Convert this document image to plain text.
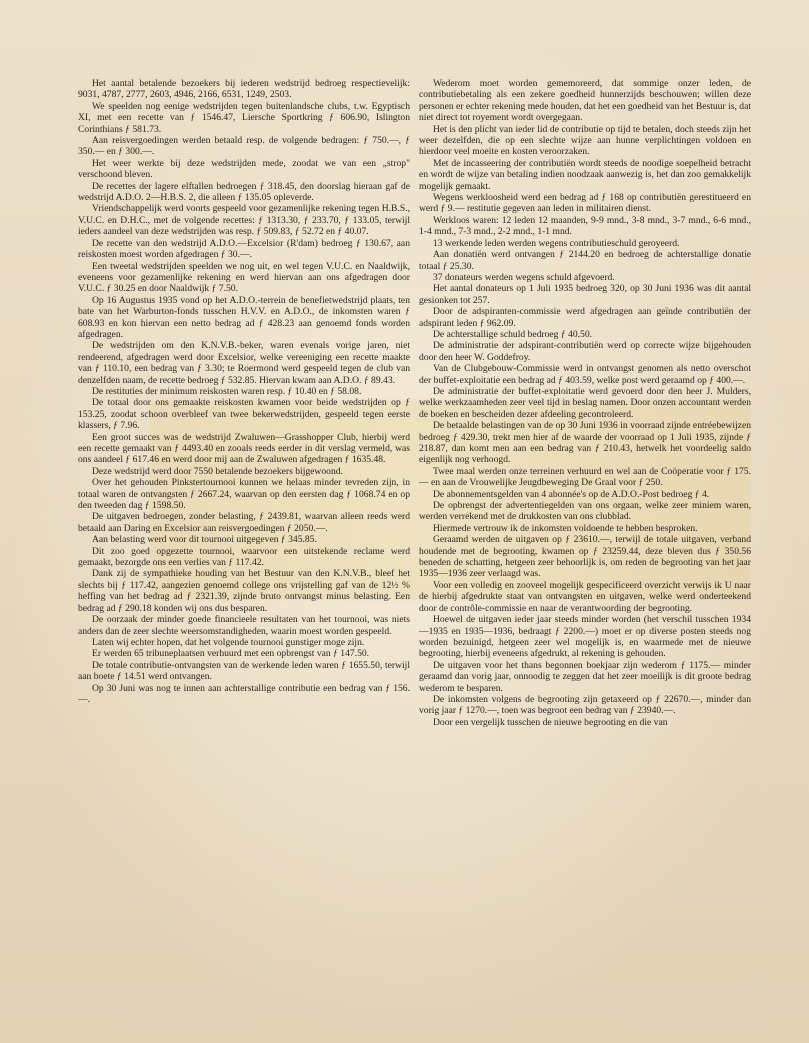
Het aantal betalende bezoekers bij iederen wedstrijd bedroeg respectievelijk: 9031, 4787, 2777, 2603, 4946, 2166, 6531, 1249, 2503.

We speelden nog eenige wedstrijden tegen buitenlandsche clubs, t.w. Egyptisch XI, met een recette van ƒ 1546.47, Liersche Sportkring ƒ 606.90, Islington Corinthians ƒ 581.73.

Aan reisvergoedingen werden betaald resp. de volgende bedragen: ƒ 750.—, ƒ 350.— en ƒ 300.—.

Het weer werkte bij deze wedstrijden mede, zoodat we van een „strop" verschoond bleven.

De recettes der lagere elftallen bedroegen ƒ 318.45, den doorslag hieraan gaf de wedstrijd A.D.O. 2—H.B.S. 2, die alleen ƒ 135.05 opleverde.

Vriendschappelijk werd voorts gespeeld voor gezamenlijke rekening tegen H.B.S., V.U.C. en D.H.C., met de volgende recettes: ƒ 1313.30, ƒ 233.70, ƒ 133.05, terwijl ieders aandeel van deze wedstrijden was resp. ƒ 509.83, ƒ 52.72 en ƒ 40.07.

De recette van den wedstrijd A.D.O.—Excelsior (R'dam) bedroeg ƒ 130.67, aan reiskosten moest worden afgedragen ƒ 30.—.

Een tweetal wedstrijden speelden we nog uit, en wel tegen V.U.C. en Naaldwijk, eveneens voor gezamenlijke rekening en werd hiervan aan ons afgedragen door V.U.C. ƒ 30.25 en door Naaldwijk ƒ 7.50.

Op 16 Augustus 1935 vond op het A.D.O.-terrein de benefietwedstrijd plaats, ten bate van het Warburton-fonds tusschen H.V.V. en A.D.O., de inkomsten waren ƒ 608.93 en kon hiervan een netto bedrag ad ƒ 428.23 aan genoemd fonds worden afgedragen.

De wedstrijden om den K.N.V.B.-beker, waren evenals vorige jaren, niet rendeerend, afgedragen werd door Excelsior, welke vereeniging een recette maakte van ƒ 110.10, een bedrag van ƒ 3.30; te Roermond werd gespeeld tegen de club van denzelfden naam, de recette bedroeg ƒ 532.85. Hiervan kwam aan A.D.O. ƒ 89.43.

De restituties der minimum reiskosten waren resp. ƒ 10.40 en ƒ 58.08.

De totaal door ons gemaakte reiskosten kwamen voor beide wedstrijden op ƒ 153.25, zoodat schoon overbleef van twee bekerwedstrijden, gespeeld tegen eerste klassers, ƒ 7.96.

Een groot succes was de wedstrijd Zwaluwen—Grasshopper Club, hierbij werd een recette gemaakt van ƒ 4493.40 en zooals reeds eerder in dit verslag vermeld, was ons aandeel ƒ 617.46 en werd door mij aan de Zwaluwen afgedragen ƒ 1635.48.

Deze wedstrijd werd door 7550 betalende bezoekers bijgewoond.

Over het gehouden Pinkstertournooi kunnen we helaas minder tevreden zijn, in totaal waren de ontvangsten ƒ 2667.24, waarvan op den eersten dag ƒ 1068.74 en op den tweeden dag ƒ 1598.50.

De uitgaven bedroegen, zonder belasting, ƒ 2439.81, waarvan alleen reeds werd betaald aan Daring en Excelsior aan reisvergoedingen ƒ 2050.—.

Aan belasting werd voor dit tournooi uitgegeven ƒ 345.85.

Dit zoo goed opgezette tournooi, waarvoor een uitstekende reclame werd gemaakt, bezorgde ons een verlies van ƒ 117.42.

Dank zij de sympathieke houding van het Bestuur van den K.N.V.B., bleef het slechts bij ƒ 117.42, aangezien genoemd college ons vrijstelling gaf van de 12½ % heffing van het bedrag ad ƒ 2321.39, zijnde bruto ontvangst minus belasting. Een bedrag ad ƒ 290.18 konden wij ons dus besparen.

De oorzaak der minder goede financieele resultaten van het tournooi, was niets anders dan de zeer slechte weersomstandigheden, waarin moest worden gespeeld.

Laten wij echter hopen, dat het volgende tournooi gunstiger moge zijn.

Er werden 65 tribuneplaatsen verhuurd met een opbrengst van ƒ 147.50.

De totale contributie-ontvangsten van de werkende leden waren ƒ 1655.50, terwijl aan boete ƒ 14.51 werd ontvangen.

Op 30 Juni was nog te innen aan achterstallige contributie een bedrag van ƒ 156.—.

Wederom moet worden gememoreerd, dat sommige onzer leden, de contributiebetaling als een zekere goedheid hunnerzijds beschouwen; willen deze personen er echter rekening mede houden, dat het een goedheid van het Bestuur is, dat niet direct tot royement wordt overgegaan.

Het is den plicht van ieder lid de contributie op tijd te betalen, doch steeds zijn het weer dezelfden, die op een slechte wijze aan hunne verplichtingen voldoen en hierdoor veel moeite en kosten veroorzaken.

Met de incasseering der contributiën wordt steeds de noodige soepelheid betracht en wordt de wijze van betaling indien noodzaak aanwezig is, het dan zoo gemakkelijk mogelijk gemaakt.

Wegens werkloosheid werd een bedrag ad ƒ 168 op contributiën gerestitueerd en werd ƒ 9.— restitutie gegeven aan leden in militairen dienst.

Werkloos waren: 12 leden 12 maanden, 9-9 mnd., 3-8 mnd., 3-7 mnd., 6-6 mnd., 1-4 mnd., 7-3 mnd., 2-2 mnd., 1-1 mnd.

13 werkende leden werden wegens contributieschuld geroyeerd.

Aan donatiën werd ontvangen ƒ 2144.20 en bedroeg de achterstallige donatie totaal ƒ 25.30.

37 donateurs werden wegens schuld afgevoerd.

Het aantal donateurs op 1 Juli 1935 bedroeg 320, op 30 Juni 1936 was dit aantal gesionken tot 257.

Door de adspiranten-commissie werd afgedragen aan geïnde contributiën der adspirant leden ƒ 962.09.

De achterstallige schuld bedroeg ƒ 40.50.

De administratie der adspirant-contributiën werd op correcte wijze bijgehouden door den heer W. Goddefroy.

Van de Clubgebouw-Commissie werd in ontvangst genomen als netto overschot der buffet-exploitatie een bedrag ad ƒ 403.59, welke post werd geraamd op ƒ 400.—.

De administratie der buffet-exploitatie werd gevoerd door den heer J. Mulders, welke werkzaamheden zeer veel tijd in beslag namen. Door onzen accountant werden de boeken en bescheiden dezer afdeeling gecontroleerd.

De betaalde belastingen van de op 30 Juni 1936 in voorraad zijnde entréebewijzen bedroeg ƒ 429.30, trekt men hier af de waarde der voorraad op 1 Juli 1935, zijnde ƒ 218.87, dan komt men aan een bedrag van ƒ 210.43, hetwelk het voordeelig saldo eigenlijk nog verhoogd.

Twee maal werden onze terreinen verhuurd en wel aan de Coöperatie voor ƒ 175.— en aan de Vrouwelijke Jeugdbeweging De Graal voor ƒ 250.

De abonnementsgelden van 4 abonnée's op de A.D.O.-Post bedroeg ƒ 4.

De opbrengst der advertentiegelden van ons orgaan, welke zeer miniem waren, werden verrekend met de drukkosten van ons clubblad.

Hiermede vertrouw ik de inkomsten voldoende te hebben besproken.

Geraamd werden de uitgaven op ƒ 23610.—, terwijl de totale uitgaven, verband houdende met de begrooting, kwamen op ƒ 23259.44, deze bleven dus ƒ 350.56 beneden de schatting, hetgeen zeer behoorlijk is, om reden de begrooting van het jaar 1935—1936 zeer verlaagd was.

Voor een volledig en zooveel mogelijk gespecificeerd overzicht verwijs ik U naar de hierbij afgedrukte staat van ontvangsten en uitgaven, welke werd onderteekend door de contrôle-commissie en naar de verantwoording der begrooting.

Hoewel de uitgaven ieder jaar steeds minder worden (het verschil tusschen 1934—1935 en 1935—1936, bedraagt ƒ 2200.—) moet er op diverse posten steeds nog worden bezuinigd, hetgeen zeer wel mogelijk is, en waarmede met de nieuwe begrooting, hierbij eveneens afgedrukt, al rekening is gehouden.

De uitgaven voor het thans begonnen boekjaar zijn wederom ƒ 1175.— minder geraamd dan vorig jaar, onnoodig te zeggen dat het zeer moeilijk is dit groote bedrag wederom te besparen.

De inkomsten volgens de begrooting zijn getaxeerd op ƒ 22670.—, minder dan vorig jaar ƒ 1270.—, toen was begroot een bedrag van ƒ 23940.—.

Door een vergelijk tusschen de nieuwe begrooting en die van
